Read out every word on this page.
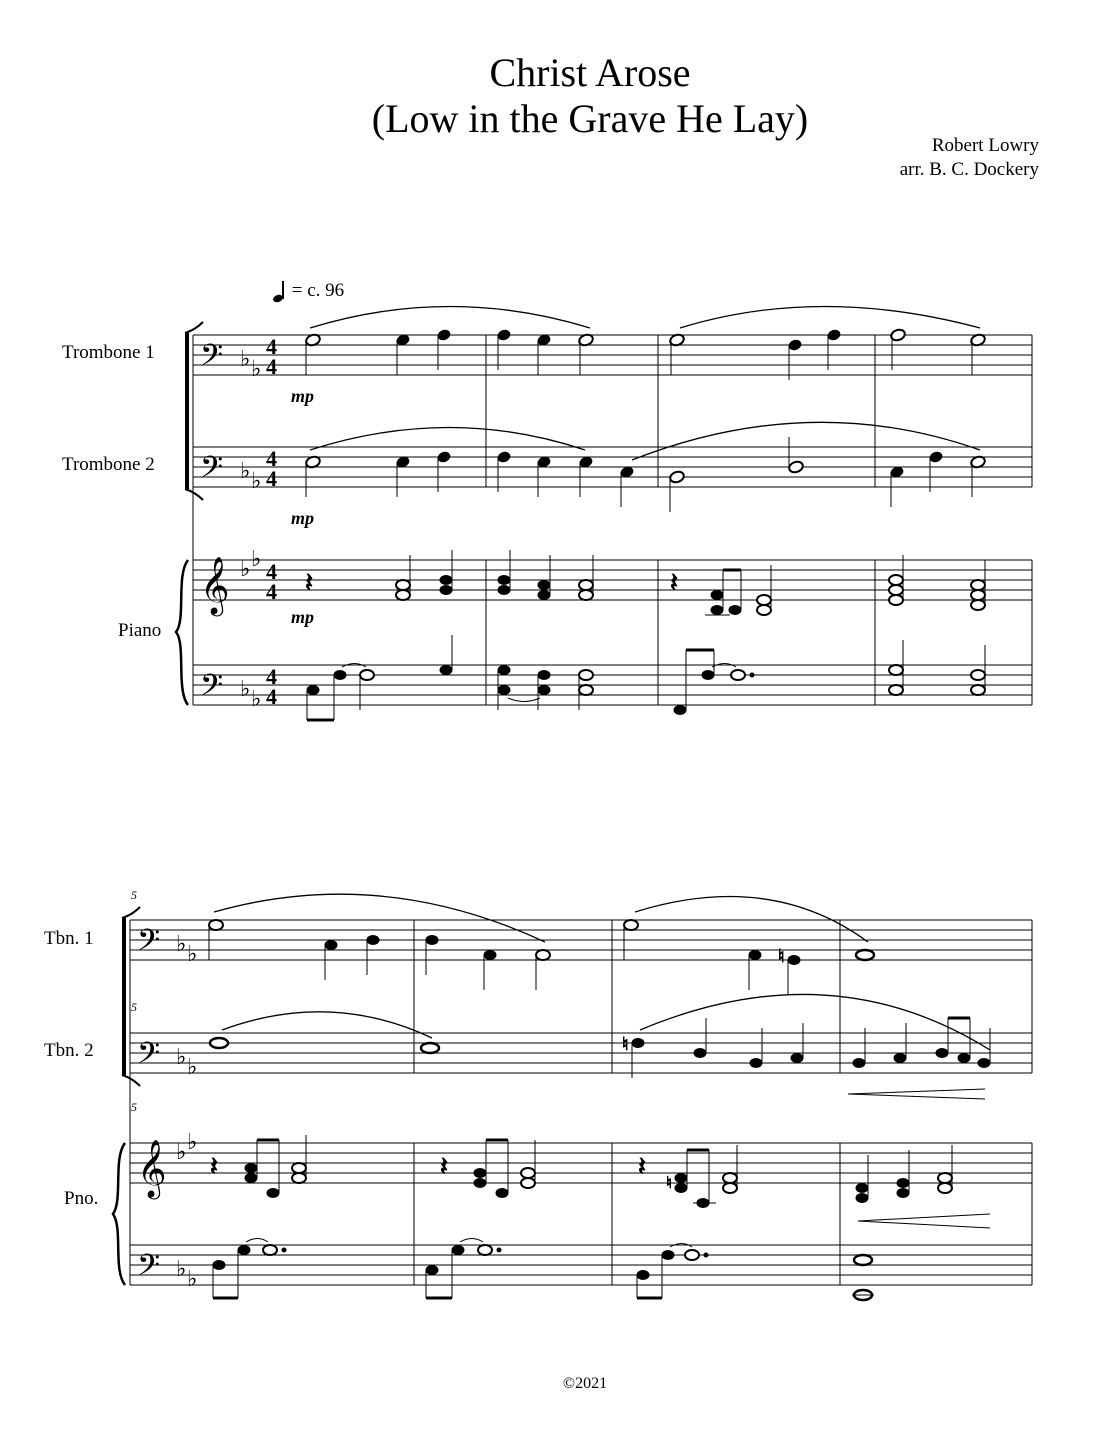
Christ Arose
(Low in the Grave He Lay)
Robert Lowry
arr. B. C. Dockery
= c. 96
Trombone 1
Trombone 2
Piano
Tbn. 1
Tbn. 2
Pno.
mp
mp
mp
5
5
5
©2021
𝄢
𝄢
𝄢
𝄞
♭ ♭
♭ ♭
♭ ♭
♭ ♭
4
4
4
4
4
4
4
4
𝄽	𝄽
𝄢
𝄢
𝄞
𝄢
♭ ♭
♭ ♭
♭ ♭
♭ ♭
♮
♮
𝄽	𝄽	𝄽
♮
